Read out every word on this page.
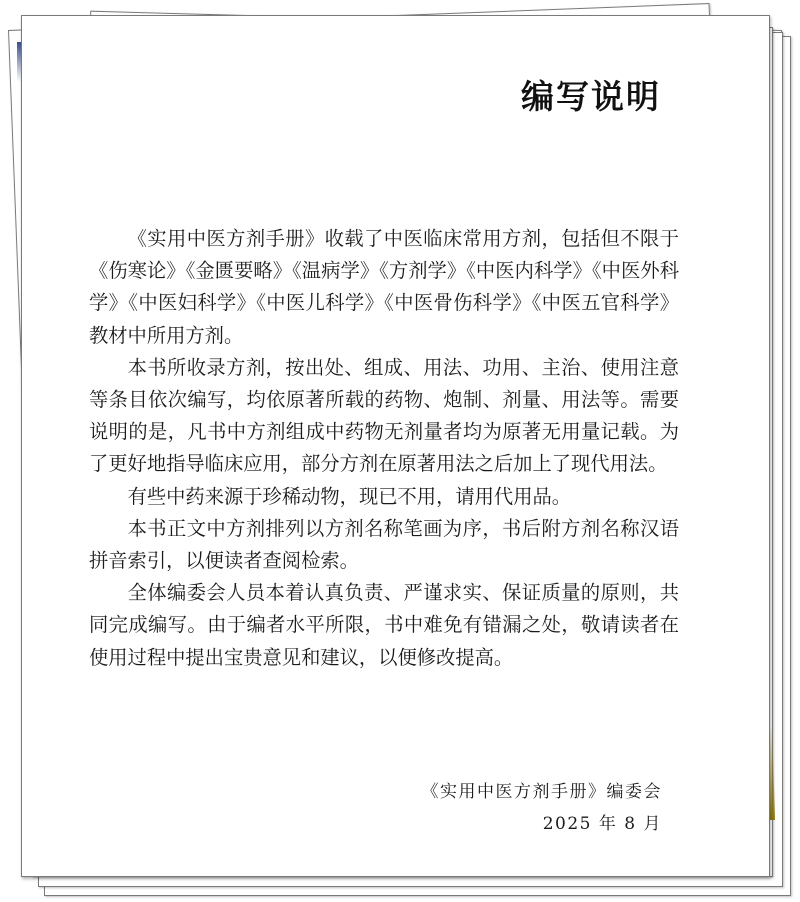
编写说明

《实用中医方剂手册》收载了中医临床常用方剂，包括但不限于《伤寒论》《金匮要略》《温病学》《方剂学》《中医内科学》《中医外科学》《中医妇科学》《中医儿科学》《中医骨伤科学》《中医五官科学》教材中所用方剂。

本书所收录方剂，按出处、组成、用法、功用、主治、使用注意等条目依次编写，均依原著所载的药物、炮制、剂量、用法等。需要说明的是，凡书中方剂组成中药物无剂量者均为原著无用量记载。为了更好地指导临床应用，部分方剂在原著用法之后加上了现代用法。

有些中药来源于珍稀动物，现已不用，请用代用品。

本书正文中方剂排列以方剂名称笔画为序，书后附方剂名称汉语拼音索引，以便读者查阅检索。

全体编委会人员本着认真负责、严谨求实、保证质量的原则，共同完成编写。由于编者水平所限，书中难免有错漏之处，敬请读者在使用过程中提出宝贵意见和建议，以便修改提高。

《实用中医方剂手册》编委会
2025 年 8 月
